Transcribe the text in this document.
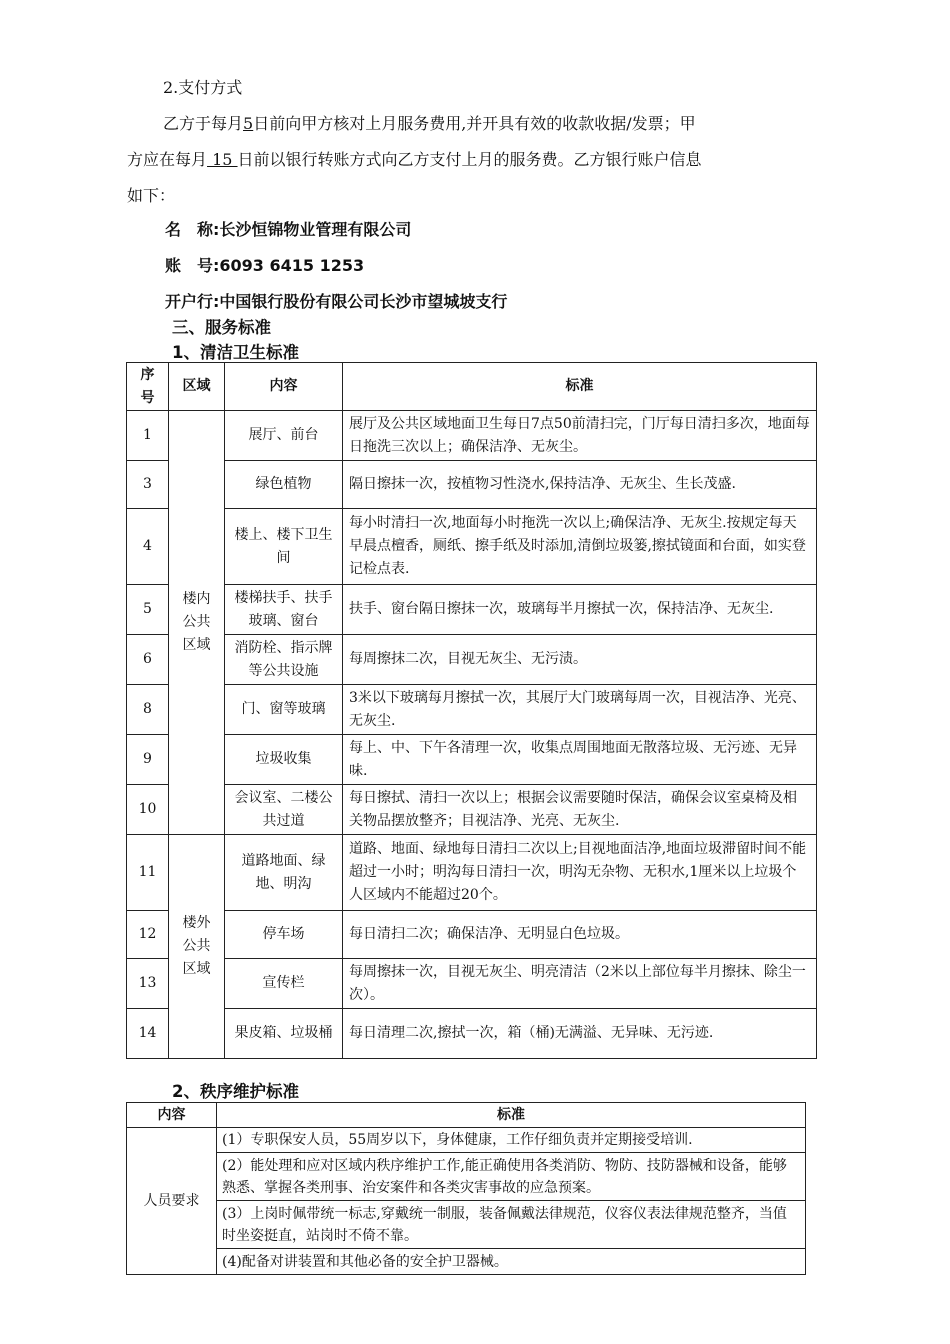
2.支付方式
乙方于每月5日前向甲方核对上月服务费用,并开具有效的收款收据/发票；甲
方应在每月 15 日前以银行转账方式向乙方支付上月的服务费。乙方银行账户信息
如下：
名　称:长沙恒锦物业管理有限公司
账　号:6093 6415 1253
开户行:中国银行股份有限公司长沙市望城坡支行
三、服务标准
1、清洁卫生标准
序号	区域	内容	标准
1	楼内公共区域	展厅、前台	展厅及公共区域地面卫生每日7点50前清扫完，门厅每日清扫多次，地面每日拖洗三次以上；确保洁净、无灰尘。
3		绿色植物	隔日擦抹一次，按植物习性浇水,保持洁净、无灰尘、生长茂盛.
4		楼上、楼下卫生间	每小时清扫一次,地面每小时拖洗一次以上;确保洁净、无灰尘.按规定每天早晨点檀香，厕纸、擦手纸及时添加,清倒垃圾篓,擦拭镜面和台面，如实登记检点表.
5		楼梯扶手、扶手玻璃、窗台	扶手、窗台隔日擦抹一次，玻璃每半月擦拭一次，保持洁净、无灰尘.
6		消防栓、指示牌等公共设施	每周擦抹二次，目视无灰尘、无污渍。
8		门、窗等玻璃	3米以下玻璃每月擦拭一次，其展厅大门玻璃每周一次，目视洁净、光亮、无灰尘.
9		垃圾收集	每上、中、下午各清理一次，收集点周围地面无散落垃圾、无污迹、无异味.
10		会议室、二楼公共过道	每日擦拭、清扫一次以上；根据会议需要随时保洁，确保会议室桌椅及相关物品摆放整齐；目视洁净、光亮、无灰尘.
11	楼外公共区域	道路地面、绿地、明沟	道路、地面、绿地每日清扫二次以上;目视地面洁净,地面垃圾滞留时间不能超过一小时；明沟每日清扫一次，明沟无杂物、无积水,1厘米以上垃圾个人区域内不能超过20个。
12		停车场	每日清扫二次；确保洁净、无明显白色垃圾。
13		宣传栏	每周擦抹一次，目视无灰尘、明亮清洁（2米以上部位每半月擦抹、除尘一次）。
14		果皮箱、垃圾桶	每日清理二次,擦拭一次，箱（桶)无满溢、无异味、无污迹.
2、秩序维护标准
内容	标准
人员要求	(1）专职保安人员，55周岁以下，身体健康，工作仔细负责并定期接受培训.
	(2）能处理和应对区域内秩序维护工作,能正确使用各类消防、物防、技防器械和设备，能够熟悉、掌握各类刑事、治安案件和各类灾害事故的应急预案。
	(3）上岗时佩带统一标志,穿戴统一制服，装备佩戴法律规范，仪容仪表法律规范整齐，当值时坐姿挺直，站岗时不倚不靠。
	(4)配备对讲装置和其他必备的安全护卫器械。
